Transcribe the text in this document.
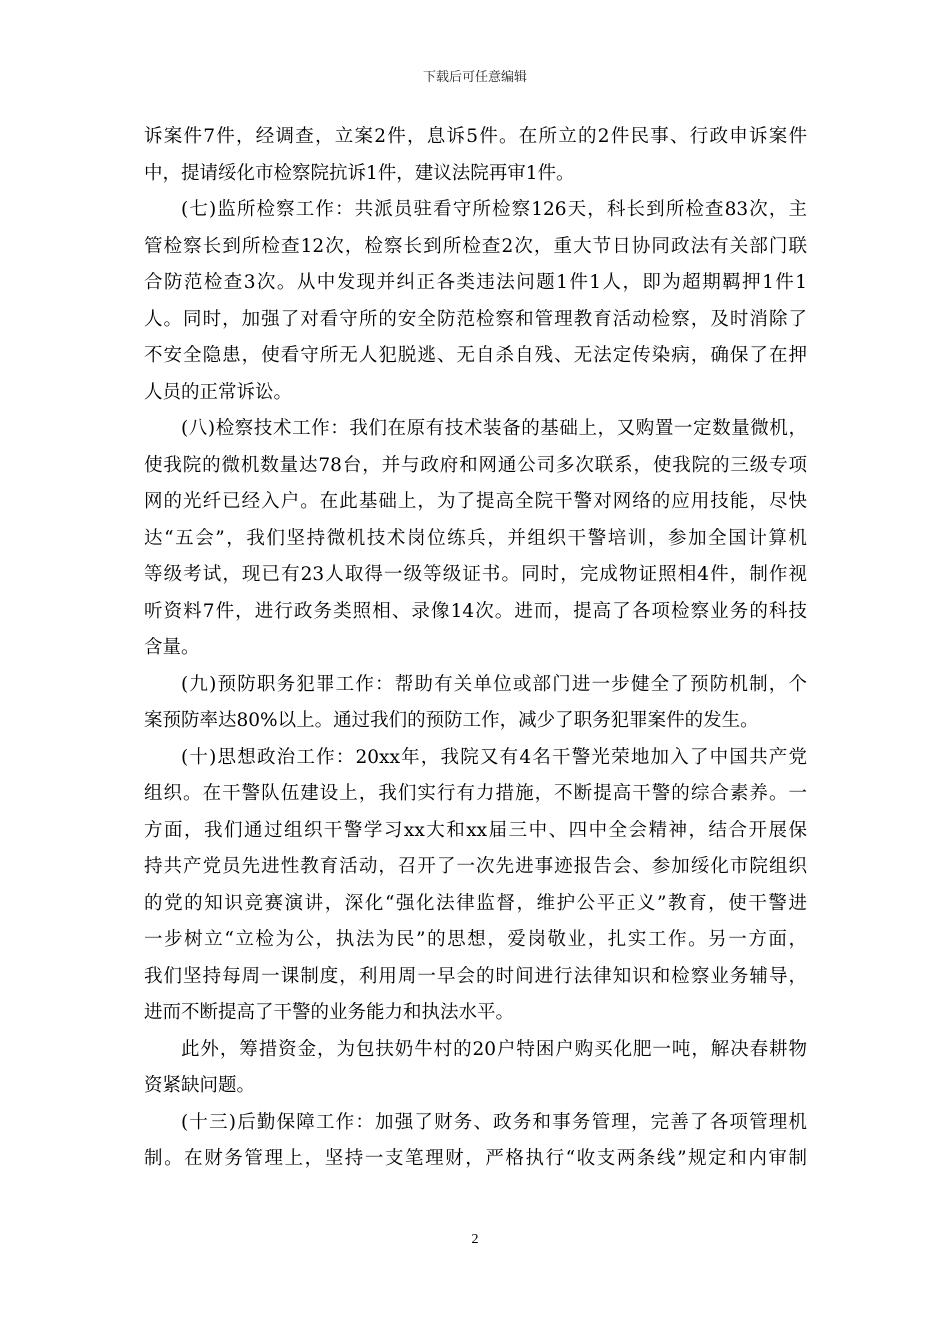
下载后可任意编辑
诉案件7件，经调查，立案2件，息诉5件。在所立的2件民事、行政申诉案件
中，提请绥化市检察院抗诉1件，建议法院再审1件。
(七)监所检察工作：共派员驻看守所检察126天，科长到所检查83次，主
管检察长到所检查12次，检察长到所检查2次，重大节日协同政法有关部门联
合防范检查3次。从中发现并纠正各类违法问题1件1人，即为超期羁押1件1
人。同时，加强了对看守所的安全防范检察和管理教育活动检察，及时消除了
不安全隐患，使看守所无人犯脱逃、无自杀自残、无法定传染病，确保了在押
人员的正常诉讼。
(八)检察技术工作：我们在原有技术装备的基础上，又购置一定数量微机，
使我院的微机数量达78台，并与政府和网通公司多次联系，使我院的三级专项
网的光纤已经入户。在此基础上，为了提高全院干警对网络的应用技能，尽快
达“五会”，我们坚持微机技术岗位练兵，并组织干警培训，参加全国计算机
等级考试，现已有23人取得一级等级证书。同时，完成物证照相4件，制作视
听资料7件，进行政务类照相、录像14次。进而，提高了各项检察业务的科技
含量。
(九)预防职务犯罪工作：帮助有关单位或部门进一步健全了预防机制，个
案预防率达80%以上。通过我们的预防工作，减少了职务犯罪案件的发生。
(十)思想政治工作：20xx年，我院又有4名干警光荣地加入了中国共产党
组织。在干警队伍建设上，我们实行有力措施，不断提高干警的综合素养。一
方面，我们通过组织干警学习xx大和xx届三中、四中全会精神，结合开展保
持共产党员先进性教育活动，召开了一次先进事迹报告会、参加绥化市院组织
的党的知识竞赛演讲，深化“强化法律监督，维护公平正义”教育，使干警进
一步树立“立检为公，执法为民”的思想，爱岗敬业，扎实工作。另一方面，
我们坚持每周一课制度，利用周一早会的时间进行法律知识和检察业务辅导，
进而不断提高了干警的业务能力和执法水平。
此外，筹措资金，为包扶奶牛村的20户特困户购买化肥一吨，解决春耕物
资紧缺问题。
(十三)后勤保障工作：加强了财务、政务和事务管理，完善了各项管理机
制。在财务管理上，坚持一支笔理财，严格执行“收支两条线”规定和内审制
2
